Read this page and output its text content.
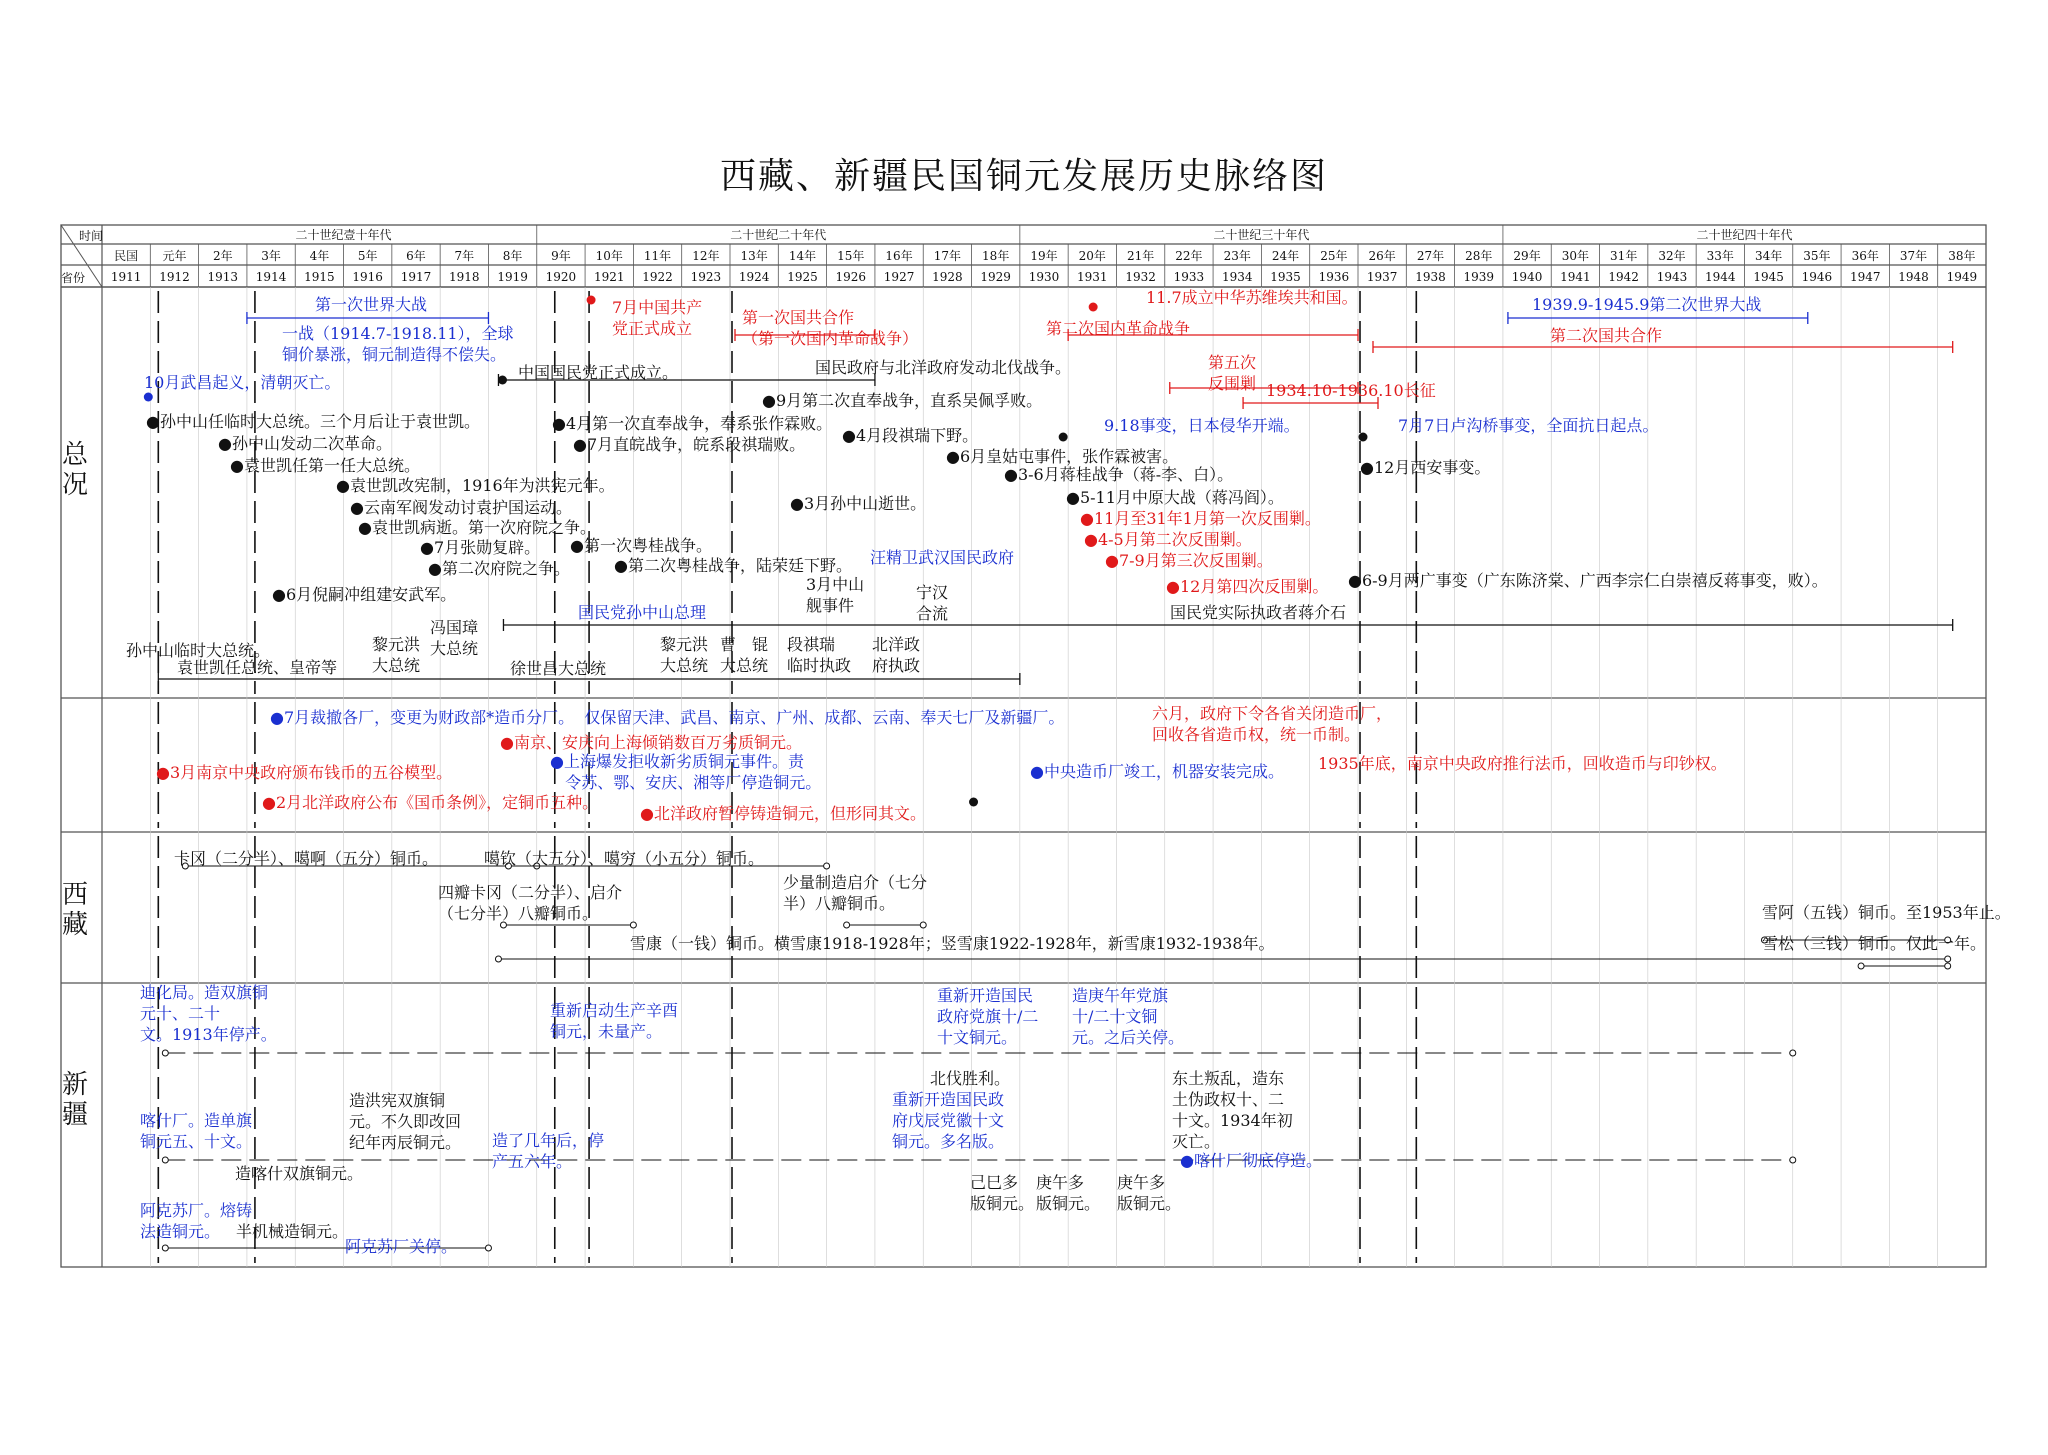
西藏、新疆民国铜元发展历史脉络图
时间
省份
二十世纪壹十年代	二十世纪二十年代	二十世纪三十年代	二十世纪四十年代
民国 元年 2年 3年 4年 5年 6年 7年 8年 9年 10年 11年 12年 13年 14年 15年 16年 17年 18年 19年 20年 21年 22年 23年 24年 25年 26年 27年 28年 29年 30年 31年 32年 33年 34年 35年 36年 37年 38年
1911 1912 1913 1914 1915 1916 1917 1918 1919 1920 1921 1922 1923 1924 1925 1926 1927 1928 1929 1930 1931 1932 1933 1934 1935 1936 1937 1938 1939 1940 1941 1942 1943 1944 1945 1946 1947 1948 1949
总况
西藏
新疆
第一次世界大战
一战（1914.7-1918.11），全球
铜价暴涨，铜元制造得不偿失。
10月武昌起义，清朝灭亡。
●孙中山任临时大总统。三个月后让于袁世凯。
●孙中山发动二次革命。
●袁世凯任第一任大总统。
●袁世凯改宪制，1916年为洪宪元年。
●云南军阀发动讨袁护国运动。
●袁世凯病逝。第一次府院之争。
●7月张勋复辟。
●第二次府院之争。
●6月倪嗣冲组建安武军。
中国国民党正式成立。
7月中国共产
党正式成立
第一次国共合作
（第一次国内革命战争）
国民政府与北洋政府发动北伐战争。
●9月第二次直奉战争，直系吴佩孚败。
●4月第一次直奉战争，奉系张作霖败。
●7月直皖战争，皖系段祺瑞败。 ●4月段祺瑞下野。
●3月孙中山逝世。
●第一次粤桂战争。
●第二次粤桂战争，陆荣廷下野。 汪精卫武汉国民政府
3月中山
舰事件
宁汉
合流
国民党孙中山总理
11.7成立中华苏维埃共和国。
第二次国内革命战争
第五次
反围剿 1934.10-1936.10长征
9.18事变，日本侵华开端。
●6月皇姑屯事件，张作霖被害。
●3-6月蒋桂战争（蒋-李、白）。
●5-11月中原大战（蒋冯阎）。
●11月至31年1月第一次反围剿。
●4-5月第二次反围剿。
●7-9月第三次反围剿。
●12月第四次反围剿。
国民党实际执政者蒋介石
1939.9-1945.9第二次世界大战
第二次国共合作
7月7日卢沟桥事变，全面抗日起点。
●12月西安事变。
●6-9月两广事变（广东陈济棠、广西李宗仁白崇禧反蒋事变，败）。
孙中山临时大总统。
袁世凯任总统、皇帝等
黎元洪
大总统
冯国璋
大总统
徐世昌大总统
黎元洪
大总统
曹　锟
大总统
段祺瑞
临时执政
北洋政
府执政
●7月裁撤各厂，变更为财政部*造币分厂。  仅保留天津、武昌、南京、广州、成都、云南、奉天七厂及新疆厂。
●南京、安庆向上海倾销数百万劣质铜元。
●上海爆发拒收新劣质铜元事件。责
令苏、鄂、安庆、湘等厂停造铜元。
●3月南京中央政府颁布钱币的五谷模型。
●2月北洋政府公布《国币条例》，定铜币五种。
●北洋政府暂停铸造铜元，但形同其文。
六月，政府下令各省关闭造币厂，
回收各省造币权，统一币制。
●中央造币厂竣工，机器安装完成。 1935年底，南京中央政府推行法币，回收造币与印钞权。
卡冈（二分半）、噶啊（五分）铜币。	噶钦（大五分）、噶穷（小五分）铜币。
四瓣卡冈（二分半）、启介
（七分半）八瓣铜币。
少量制造启介（七分
半）八瓣铜币。
雪康（一钱）铜币。横雪康1918-1928年；竖雪康1922-1928年，新雪康1932-1938年。
雪阿（五钱）铜币。至1953年止。
雪松（三钱）铜币。仅此一年。
迪化局。造双旗铜
元十、二十
文。1913年停产。
重新启动生产辛酉
铜元，未量产。
重新开造国民
政府党旗十/二
十文铜元。
造庚午年党旗
十/二十文铜
元。之后关停。
北伐胜利。
重新开造国民政
府戊辰党徽十文
铜元。多名版。
东土叛乱，造东
土伪政权十、二
十文。1934年初
灭亡。
喀什厂。造单旗
铜元五、十文。
造洪宪双旗铜
元。不久即改回
纪年丙辰铜元。 造了几年后，停
产五六年。
造喀什双旗铜元。
●喀什厂彻底停造。
己巳多
版铜元。
庚午多
版铜元。
庚午多
版铜元。
阿克苏厂。熔铸
法造铜元。 半机械造铜元。
阿克苏厂关停。
